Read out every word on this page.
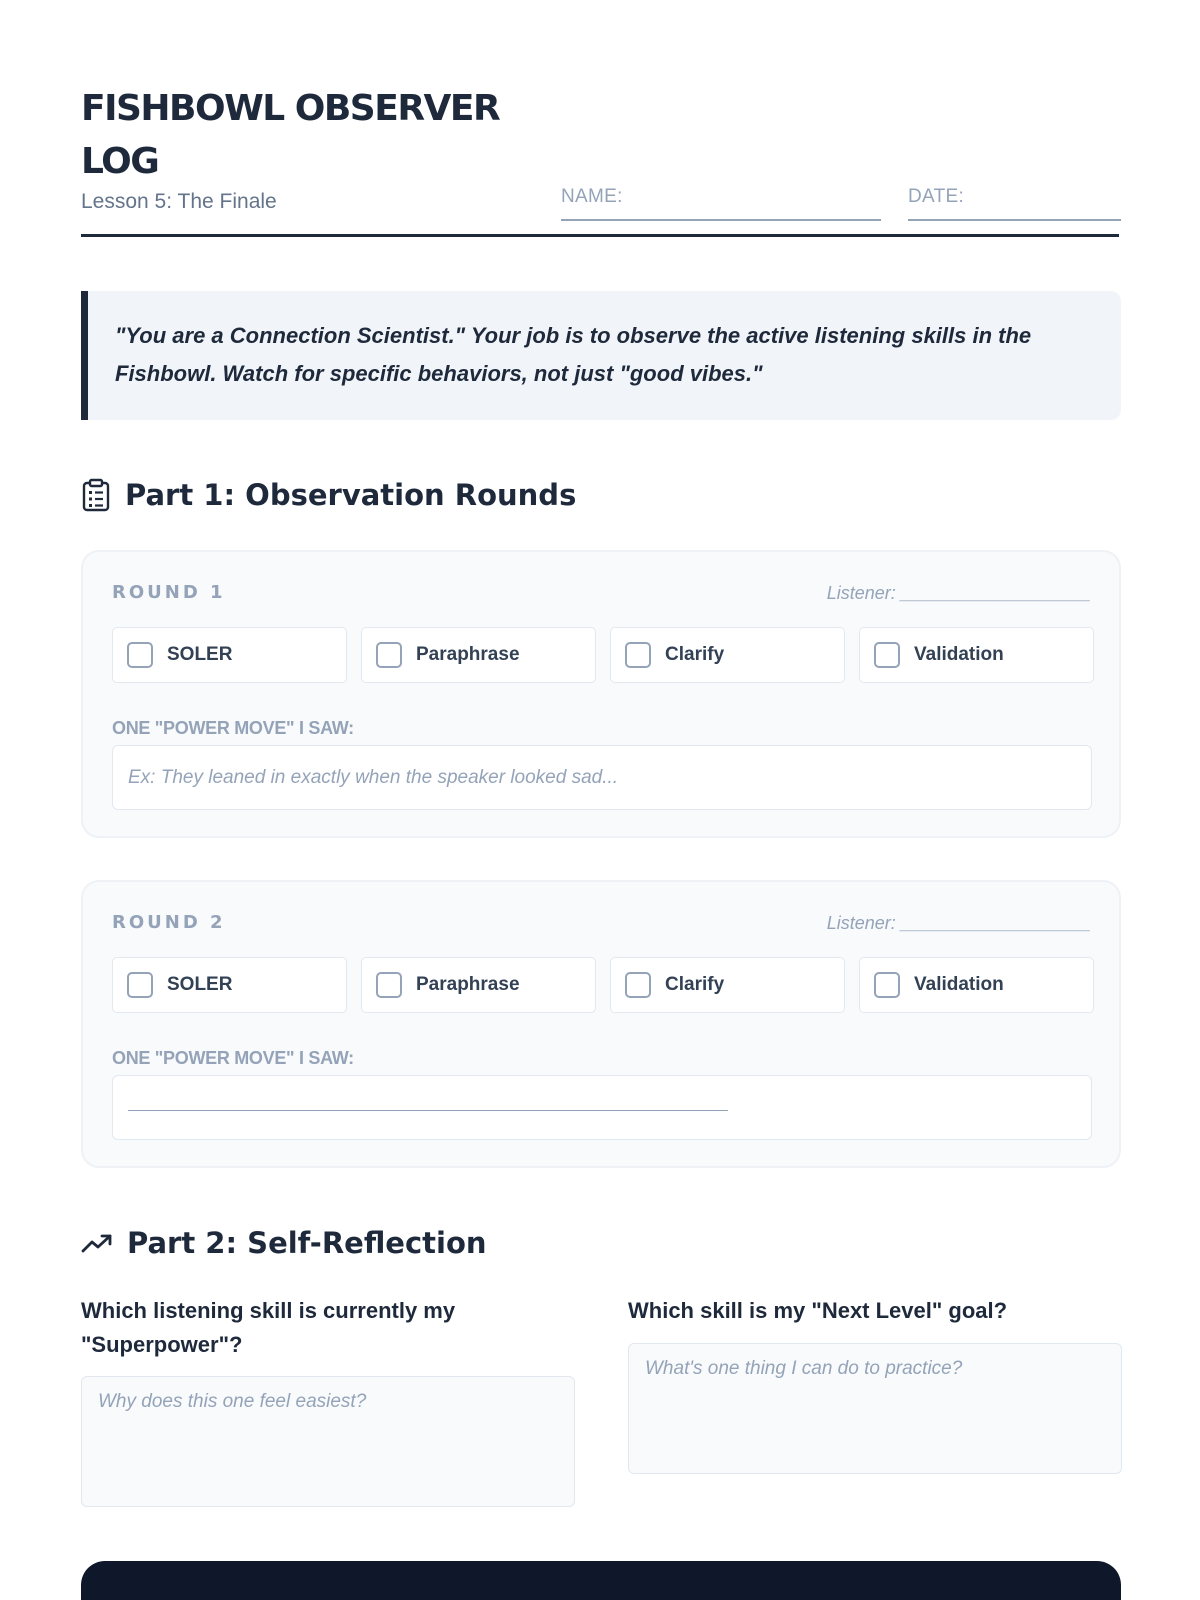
FISHBOWL OBSERVER LOG
Lesson 5: The Finale	NAME:	DATE:

"You are a Connection Scientist." Your job is to observe the active listening skills in the Fishbowl. Watch for specific behaviors, not just "good vibes."

Part 1: Observation Rounds
ROUND 1	Listener: ___________________
SOLER	Paraphrase	Clarify	Validation
ONE "POWER MOVE" I SAW:
Ex: They leaned in exactly when the speaker looked sad...
ROUND 2	Listener: ___________________
SOLER	Paraphrase	Clarify	Validation
ONE "POWER MOVE" I SAW:
Part 2: Self-Reflection
Which listening skill is currently my "Superpower"?
Why does this one feel easiest?
Which skill is my "Next Level" goal?
What's one thing I can do to practice?
